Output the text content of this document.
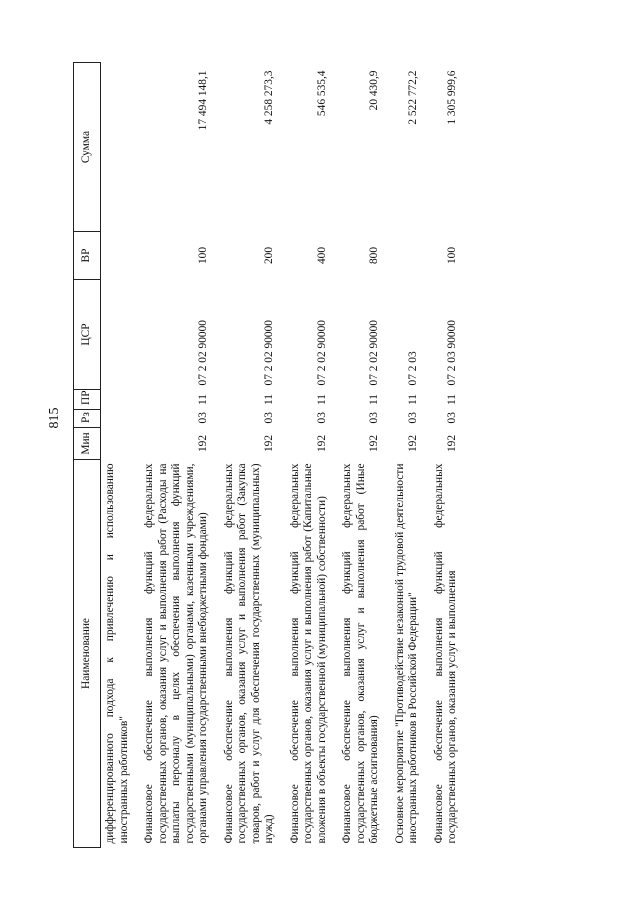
815
Наименование	Мин	Рз	ПР	ЦСР	ВР	Сумма
дифференцированного подхода к привлечению и использованию иностранных работников"						
Финансовое обеспечение выполнения функций федеральных государственных органов, оказания услуг и выполнения работ (Расходы на выплаты персоналу в целях обеспечения выполнения функций государственными (муниципальными) органами, казенными учреждениями, органами управления государственными внебюджетными фондами)	192	03	11	07 2 02 90000	100	17 494 148,1
Финансовое обеспечение выполнения функций федеральных государственных органов, оказания услуг и выполнения работ (Закупка товаров, работ и услуг для обеспечения государственных (муниципальных) нужд)	192	03	11	07 2 02 90000	200	4 258 273,3
Финансовое обеспечение выполнения функций федеральных государственных органов, оказания услуг и выполнения работ (Капитальные вложения в объекты государственной (муниципальной) собственности)	192	03	11	07 2 02 90000	400	546 535,4
Финансовое обеспечение выполнения функций федеральных государственных органов, оказания услуг и выполнения работ (Иные бюджетные ассигнования)	192	03	11	07 2 02 90000	800	20 430,9
Основное мероприятие "Противодействие незаконной трудовой деятельности иностранных работников в Российской Федерации"	192	03	11	07 2 03		2 522 772,2
Финансовое обеспечение выполнения функций федеральных государственных органов, оказания услуг и выполнения	192	03	11	07 2 03 90000	100	1 305 999,6
